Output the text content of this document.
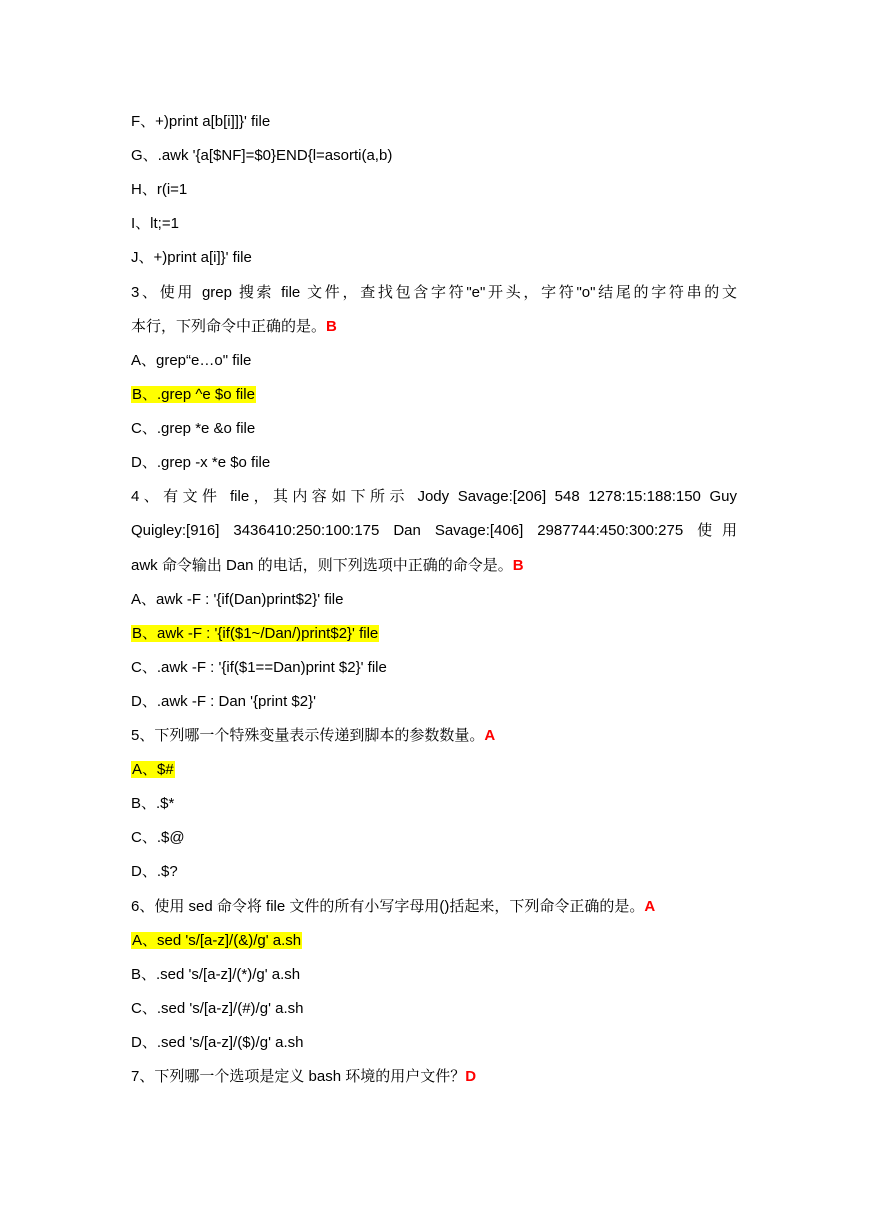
F、+)print a[b[i]]}' file
G、.awk '{a[$NF]=$0}END{l=asorti(a,b)
H、r(i=1
I、lt;=1
J、+)print a[i]}' file
3、使用 grep 搜索 file 文件，查找包含字符"e"开头，字符"o"结尾的字符串的文
本行，下列命令中正确的是。B
A、grep“e…o" file
B、.grep ^e $o file
C、.grep *e &o file
D、.grep -x *e $o file
4、有文件 file，其内容如下所示 Jody Savage:[206] 548 1278:15:188:150 Guy
Quigley:[916] 3436410:250:100:175 Dan Savage:[406] 2987744:450:300:275 使用
awk 命令输出 Dan 的电话，则下列选项中正确的命令是。B
A、awk -F : '{if(Dan)print$2}' file
B、awk -F : '{if($1~/Dan/)print$2}' file
C、.awk -F : '{if($1==Dan)print $2}' file
D、.awk -F : Dan '{print $2}'
5、下列哪一个特殊变量表示传递到脚本的参数数量。A
A、$#
B、.$*
C、.$@
D、.$?
6、使用 sed 命令将 file 文件的所有小写字母用()括起来，下列命令正确的是。A
A、sed 's/[a-z]/(&)/g' a.sh
B、.sed 's/[a-z]/(*)/g' a.sh
C、.sed 's/[a-z]/(#)/g' a.sh
D、.sed 's/[a-z]/($)/g' a.sh
7、下列哪一个选项是定义 bash 环境的用户文件？D
